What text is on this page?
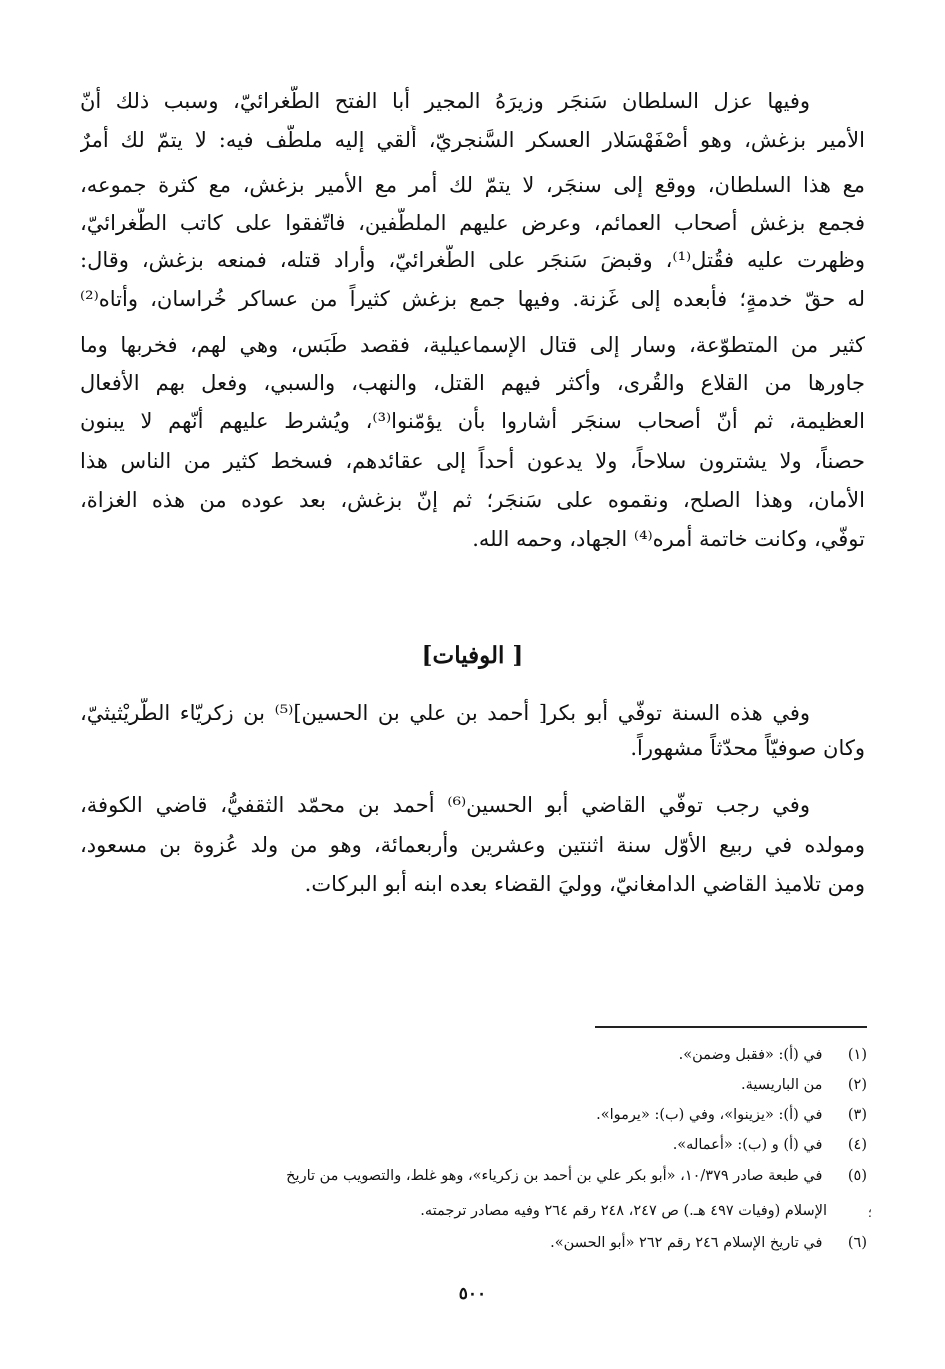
وفيها عزل السلطان سَنجَر وزيرَهُ المجير أبا الفتح الطُّغرائيّ، وسبب ذلك أنّ
الأمير بزغش، وهو أصْفَهْسَلار العسكر السَّنجريّ، أُلقي إليه ملطّف فيه: لا يتمّ لك أمرٌ
مع هذا السلطان، ووقع إلى سنجَر، لا يتمّ لك أمر مع الأمير بزغش، مع كثرة جموعه،
فجمع بزغش أصحاب العمائم، وعرض عليهم الملطّفين، فاتّفقوا على كاتب الطُّغرائيّ،
وظهرت عليه فقُتل⁽¹⁾، وقبضَ سَنجَر على الطُّغرائيّ، وأراد قتله، فمنعه بزغش، وقال:
له حقّ خدمةٍ؛ فأبعده إلى غَزنة. وفيها جمع بزغش كثيراً من عساكر خُراسان، وأتاه⁽²⁾
كثير من المتطوّعة، وسار إلى قتال الإسماعيلية، فقصد طَبَس، وهي لهم، فخربها وما
جاورها من القلاع والقُرى، وأكثر فيهم القتل، والنهب، والسبي، وفعل بهم الأفعال
العظيمة، ثم أنّ أصحاب سنجَر أشاروا بأن يؤمّنوا⁽³⁾، ويُشرط عليهم أنّهم لا يبنون
حصناً، ولا يشترون سلاحاً، ولا يدعون أحداً إلى عقائدهم، فسخط كثير من الناس هذا
الأمان، وهذا الصلح، ونقموه على سَنجَر؛ ثم إنّ بزغش، بعد عوده من هذه الغزاة،
توفّي، وكانت خاتمة أمره⁽⁴⁾ الجهاد، وحمه الله.
[ الوفيات]
وفي هذه السنة توفّي أبو بكر[ أحمد بن علي بن الحسين]⁽⁵⁾ بن زكريّاء الطُّريْثيثيّ،
وكان صوفيّاً محدّثاً مشهوراً.
وفي رجب توفّي القاضي أبو الحسين⁽⁶⁾ أحمد بن محمّد الثقفيُّ، قاضي الكوفة،
ومولده في ربيع الأوّل سنة اثنتين وعشرين وأربعمائة، وهو من ولد عُزوة بن مسعود،
ومن تلاميذ القاضي الدامغانيّ، ووليَ القضاء بعده ابنه أبو البركات.
(١) في (أ): «فقبل وضمن».
(٢) من الباريسية.
(٣) في (أ): «يزينوا»، وفي (ب): «يرموا».
(٤) في (أ) و (ب): «أعماله».
(٥) في طبعة صادر ١٠/٣٧٩، «أبو بكر علي بن أحمد بن زكرياء»، وهو غلط، والتصويب من تاريخ
الإسلام (وفيات ٤٩٧ هـ.) ص ٢٤٧، ٢٤٨ رقم ٢٦٤ وفيه مصادر ترجمته.	؛
(٦) في تاريخ الإسلام ٢٤٦ رقم ٢٦٢ «أبو الحسن».
٥٠٠
